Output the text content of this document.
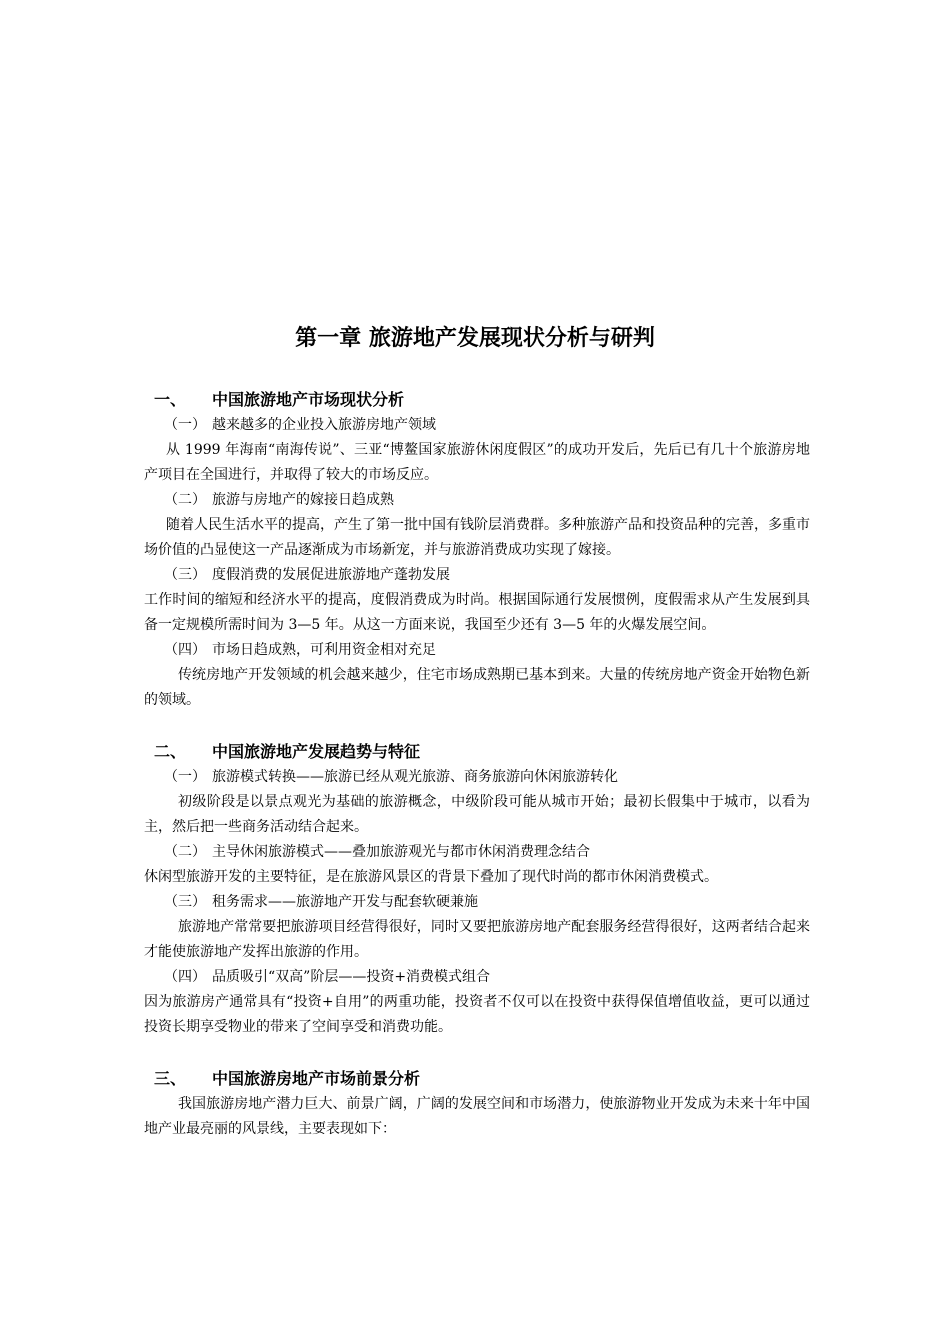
第一章 旅游地产发展现状分析与研判
一、 中国旅游地产市场现状分析
（一） 越来越多的企业投入旅游房地产领域

从 1999 年海南“南海传说”、三亚“博鳌国家旅游休闲度假区”的成功开发后，先后已有几十个旅游房地产项目在全国进行，并取得了较大的市场反应。

（二） 旅游与房地产的嫁接日趋成熟

随着人民生活水平的提高，产生了第一批中国有钱阶层消费群。多种旅游产品和投资品种的完善，多重市场价值的凸显使这一产品逐渐成为市场新宠，并与旅游消费成功实现了嫁接。

（三） 度假消费的发展促进旅游地产蓬勃发展

工作时间的缩短和经济水平的提高，度假消费成为时尚。根据国际通行发展惯例，度假需求从产生发展到具备一定规模所需时间为 3—5 年。从这一方面来说，我国至少还有 3—5 年的火爆发展空间。

（四） 市场日趋成熟，可利用资金相对充足

传统房地产开发领域的机会越来越少，住宅市场成熟期已基本到来。大量的传统房地产资金开始物色新的领域。

二、 中国旅游地产发展趋势与特征
（一） 旅游模式转换——旅游已经从观光旅游、商务旅游向休闲旅游转化

初级阶段是以景点观光为基础的旅游概念，中级阶段可能从城市开始；最初长假集中于城市，以看为主，然后把一些商务活动结合起来。

（二） 主导休闲旅游模式——叠加旅游观光与都市休闲消费理念结合

休闲型旅游开发的主要特征，是在旅游风景区的背景下叠加了现代时尚的都市休闲消费模式。

（三） 租务需求——旅游地产开发与配套软硬兼施

旅游地产常常要把旅游项目经营得很好，同时又要把旅游房地产配套服务经营得很好，这两者结合起来才能使旅游地产发挥出旅游的作用。

（四） 品质吸引“双高”阶层——投资+消费模式组合

因为旅游房产通常具有“投资+自用”的两重功能，投资者不仅可以在投资中获得保值增值收益，更可以通过投资长期享受物业的带来了空间享受和消费功能。

三、 中国旅游房地产市场前景分析

我国旅游房地产潜力巨大、前景广阔，广阔的发展空间和市场潜力，使旅游物业开发成为未来十年中国地产业最亮丽的风景线，主要表现如下：
